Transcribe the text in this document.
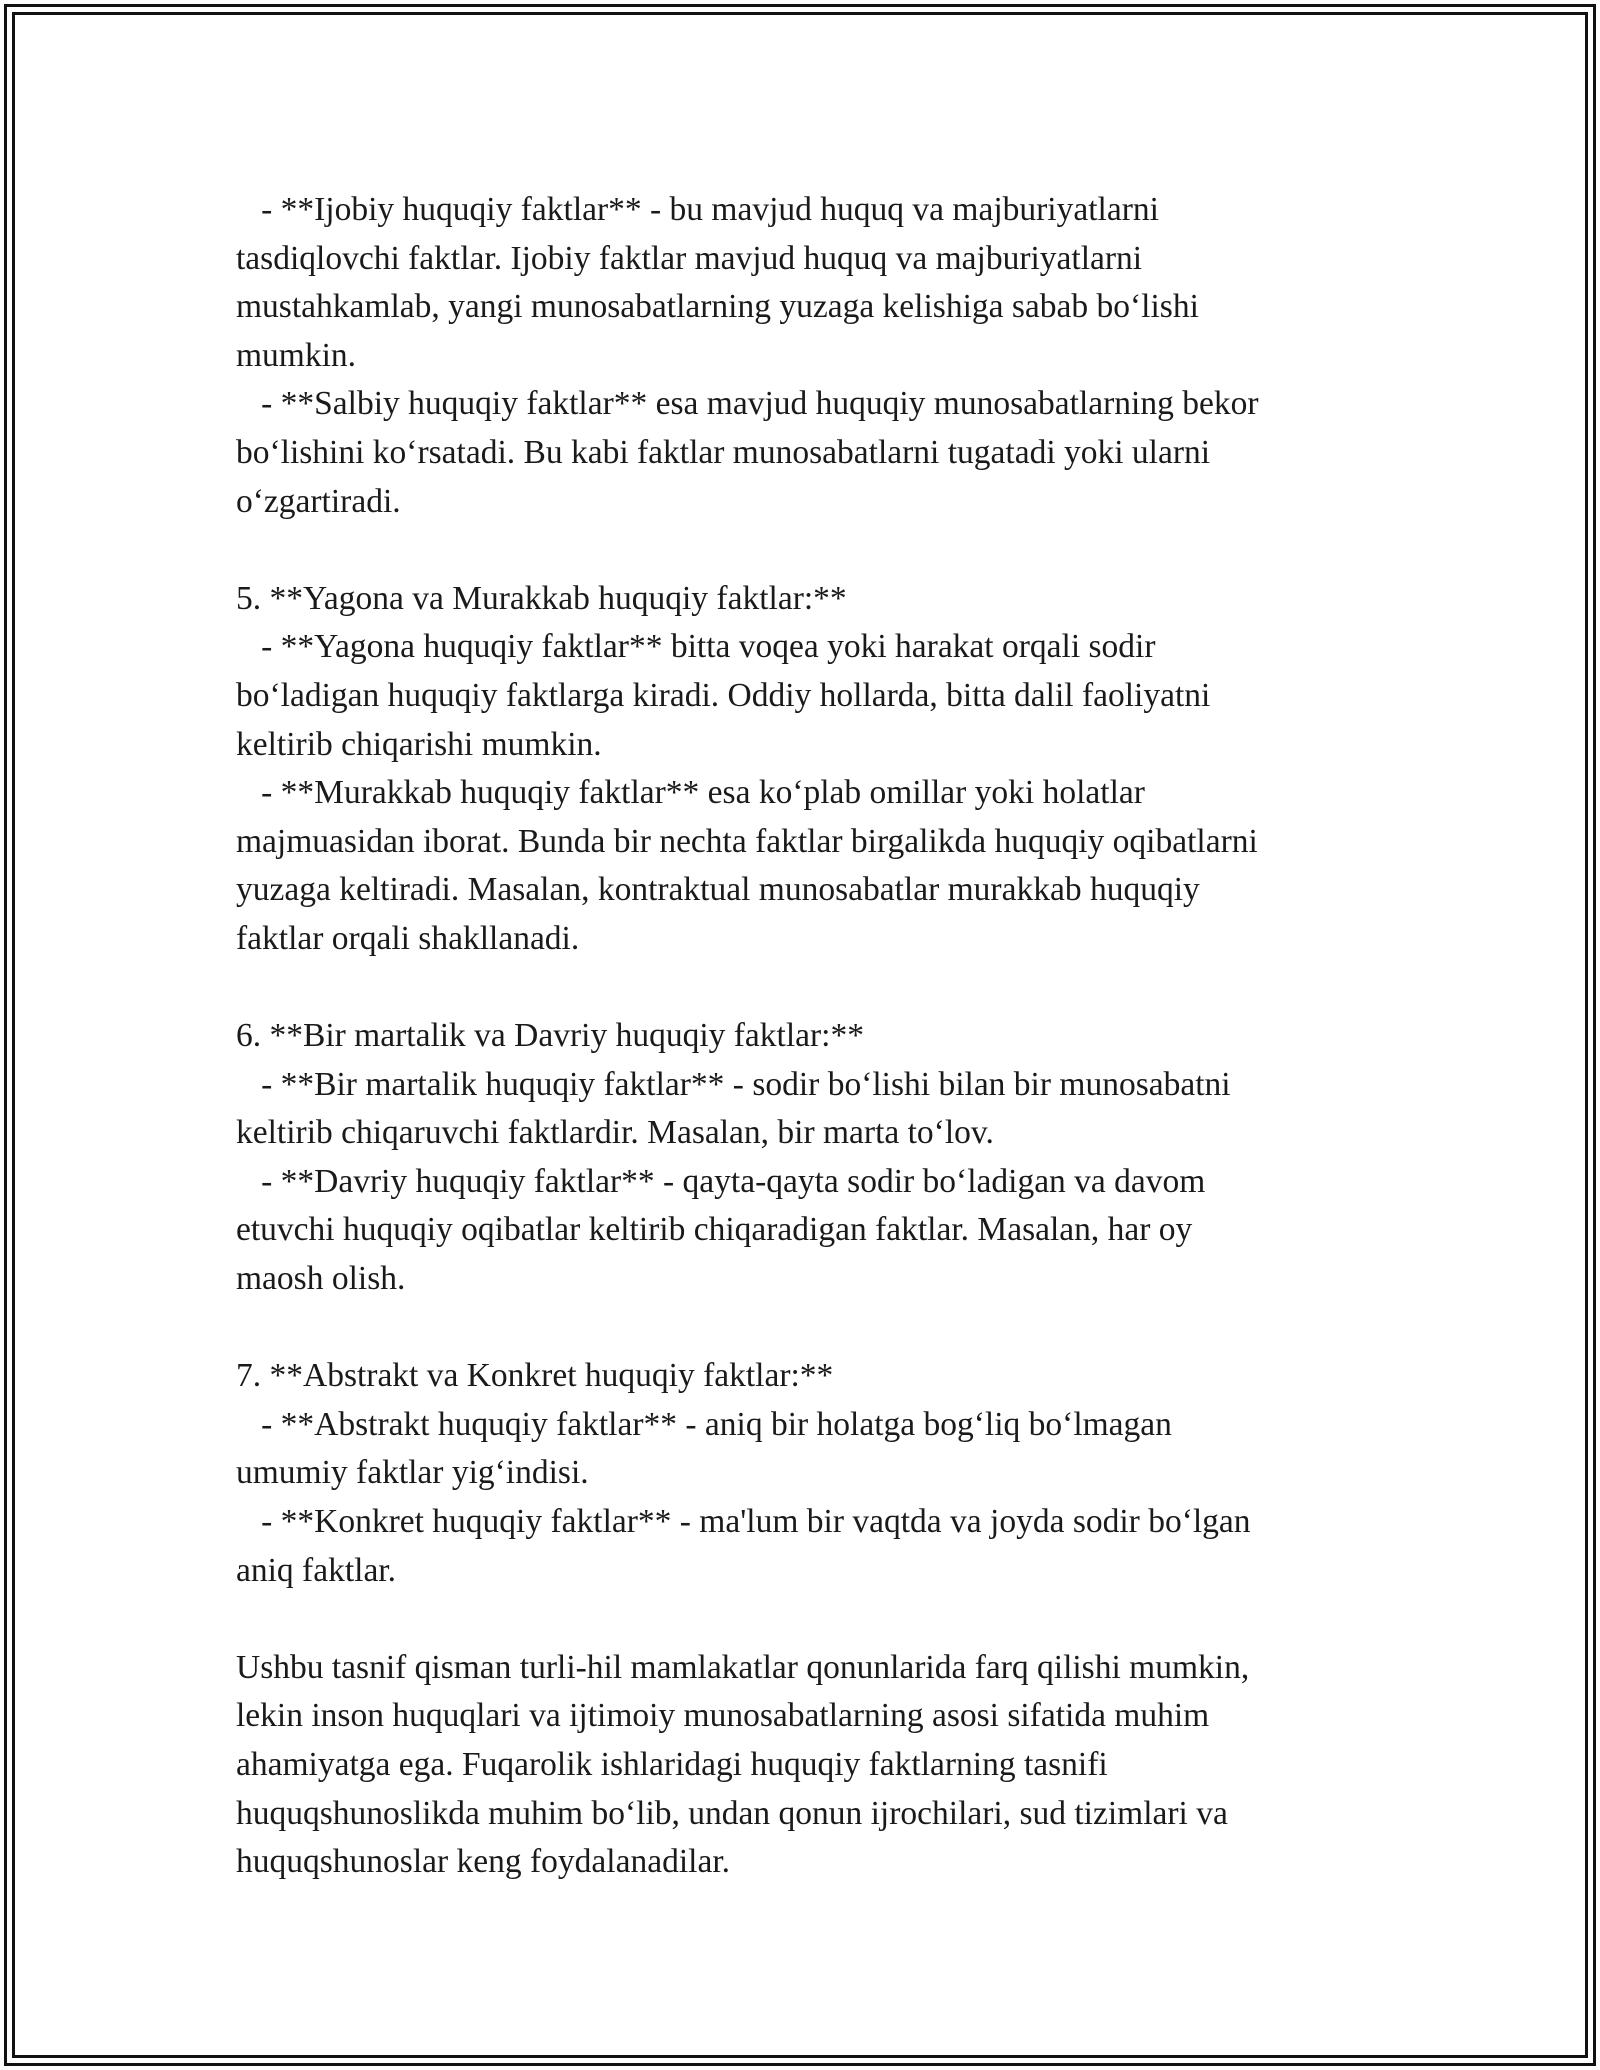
- **Ijobiy huquqiy faktlar** - bu mavjud huquq va majburiyatlarni
tasdiqlovchi faktlar. Ijobiy faktlar mavjud huquq va majburiyatlarni
mustahkamlab, yangi munosabatlarning yuzaga kelishiga sabab bo‘lishi
mumkin.
- **Salbiy huquqiy faktlar** esa mavjud huquqiy munosabatlarning bekor
bo‘lishini ko‘rsatadi. Bu kabi faktlar munosabatlarni tugatadi yoki ularni
o‘zgartiradi.
5. **Yagona va Murakkab huquqiy faktlar:**
- **Yagona huquqiy faktlar** bitta voqea yoki harakat orqali sodir
bo‘ladigan huquqiy faktlarga kiradi. Oddiy hollarda, bitta dalil faoliyatni
keltirib chiqarishi mumkin.
- **Murakkab huquqiy faktlar** esa ko‘plab omillar yoki holatlar
majmuasidan iborat. Bunda bir nechta faktlar birgalikda huquqiy oqibatlarni
yuzaga keltiradi. Masalan, kontraktual munosabatlar murakkab huquqiy
faktlar orqali shakllanadi.
6. **Bir martalik va Davriy huquqiy faktlar:**
- **Bir martalik huquqiy faktlar** - sodir bo‘lishi bilan bir munosabatni
keltirib chiqaruvchi faktlardir. Masalan, bir marta to‘lov.
- **Davriy huquqiy faktlar** - qayta-qayta sodir bo‘ladigan va davom
etuvchi huquqiy oqibatlar keltirib chiqaradigan faktlar. Masalan, har oy
maosh olish.
7. **Abstrakt va Konkret huquqiy faktlar:**
- **Abstrakt huquqiy faktlar** - aniq bir holatga bog‘liq bo‘lmagan
umumiy faktlar yig‘indisi.
- **Konkret huquqiy faktlar** - ma'lum bir vaqtda va joyda sodir bo‘lgan
aniq faktlar.
Ushbu tasnif qisman turli-hil mamlakatlar qonunlarida farq qilishi mumkin,
lekin inson huquqlari va ijtimoiy munosabatlarning asosi sifatida muhim
ahamiyatga ega. Fuqarolik ishlaridagi huquqiy faktlarning tasnifi
huquqshunoslikda muhim bo‘lib, undan qonun ijrochilari, sud tizimlari va
huquqshunoslar keng foydalanadilar.
